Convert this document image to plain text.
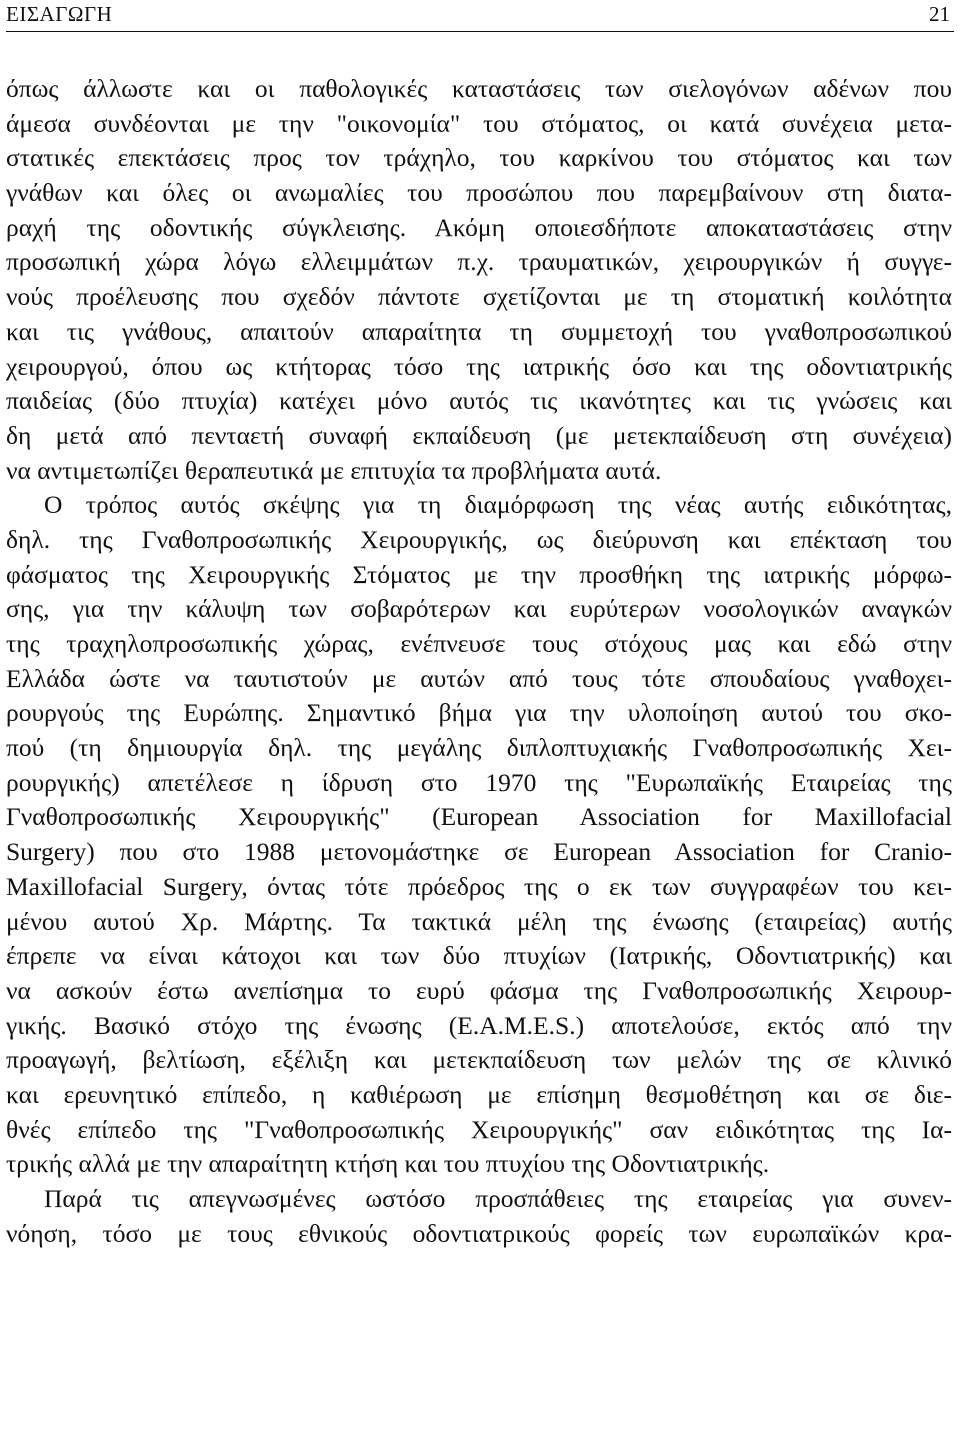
ΕΙΣΑΓΩΓΗ	21
όπως άλλωστε και οι παθολογικές καταστάσεις των σιελογόνων αδένων που
άμεσα συνδέονται με την "οικονομία" του στόματος, οι κατά συνέχεια μετα-
στατικές επεκτάσεις προς τον τράχηλο, του καρκίνου του στόματος και των
γνάθων και όλες οι ανωμαλίες του προσώπου που παρεμβαίνουν στη διατα-
ραχή της οδοντικής σύγκλεισης. Ακόμη οποιεσδήποτε αποκαταστάσεις στην
προσωπική χώρα λόγω ελλειμμάτων π.χ. τραυματικών, χειρουργικών ή συγγε-
νούς προέλευσης που σχεδόν πάντοτε σχετίζονται με τη στοματική κοιλότητα
και τις γνάθους, απαιτούν απαραίτητα τη συμμετοχή του γναθοπροσωπικού
χειρουργού, όπου ως κτήτορας τόσο της ιατρικής όσο και της οδοντιατρικής
παιδείας (δύο πτυχία) κατέχει μόνο αυτός τις ικανότητες και τις γνώσεις και
δη μετά από πενταετή συναφή εκπαίδευση (με μετεκπαίδευση στη συνέχεια)
να αντιμετωπίζει θεραπευτικά με επιτυχία τα προβλήματα αυτά.
Ο τρόπος αυτός σκέψης για τη διαμόρφωση της νέας αυτής ειδικότητας,
δηλ. της Γναθοπροσωπικής Χειρουργικής, ως διεύρυνση και επέκταση του
φάσματος της Χειρουργικής Στόματος με την προσθήκη της ιατρικής μόρφω-
σης, για την κάλυψη των σοβαρότερων και ευρύτερων νοσολογικών αναγκών
της τραχηλοπροσωπικής χώρας, ενέπνευσε τους στόχους μας και εδώ στην
Ελλάδα ώστε να ταυτιστούν με αυτών από τους τότε σπουδαίους γναθοχει-
ρουργούς της Ευρώπης. Σημαντικό βήμα για την υλοποίηση αυτού του σκο-
πού (τη δημιουργία δηλ. της μεγάλης διπλοπτυχιακής Γναθοπροσωπικής Χει-
ρουργικής) απετέλεσε η ίδρυση στο 1970 της "Ευρωπαϊκής Εταιρείας της
Γναθοπροσωπικής Χειρουργικής" (European Association for Maxillofacial
Surgery) που στο 1988 μετονομάστηκε σε European Association for Cranio-
Maxillofacial Surgery, όντας τότε πρόεδρος της ο εκ των συγγραφέων του κει-
μένου αυτού Χρ. Μάρτης. Τα τακτικά μέλη της ένωσης (εταιρείας) αυτής
έπρεπε να είναι κάτοχοι και των δύο πτυχίων (Ιατρικής, Οδοντιατρικής) και
να ασκούν έστω ανεπίσημα το ευρύ φάσμα της Γναθοπροσωπικής Χειρουρ-
γικής. Βασικό στόχο της ένωσης (E.A.M.E.S.) αποτελούσε, εκτός από την
προαγωγή, βελτίωση, εξέλιξη και μετεκπαίδευση των μελών της σε κλινικό
και ερευνητικό επίπεδο, η καθιέρωση με επίσημη θεσμοθέτηση και σε διε-
θνές επίπεδο της "Γναθοπροσωπικής Χειρουργικής" σαν ειδικότητας της Ια-
τρικής αλλά με την απαραίτητη κτήση και του πτυχίου της Οδοντιατρικής.
Παρά τις απεγνωσμένες ωστόσο προσπάθειες της εταιρείας για συνεν-
νόηση, τόσο με τους εθνικούς οδοντιατρικούς φορείς των ευρωπαϊκών κρα-
